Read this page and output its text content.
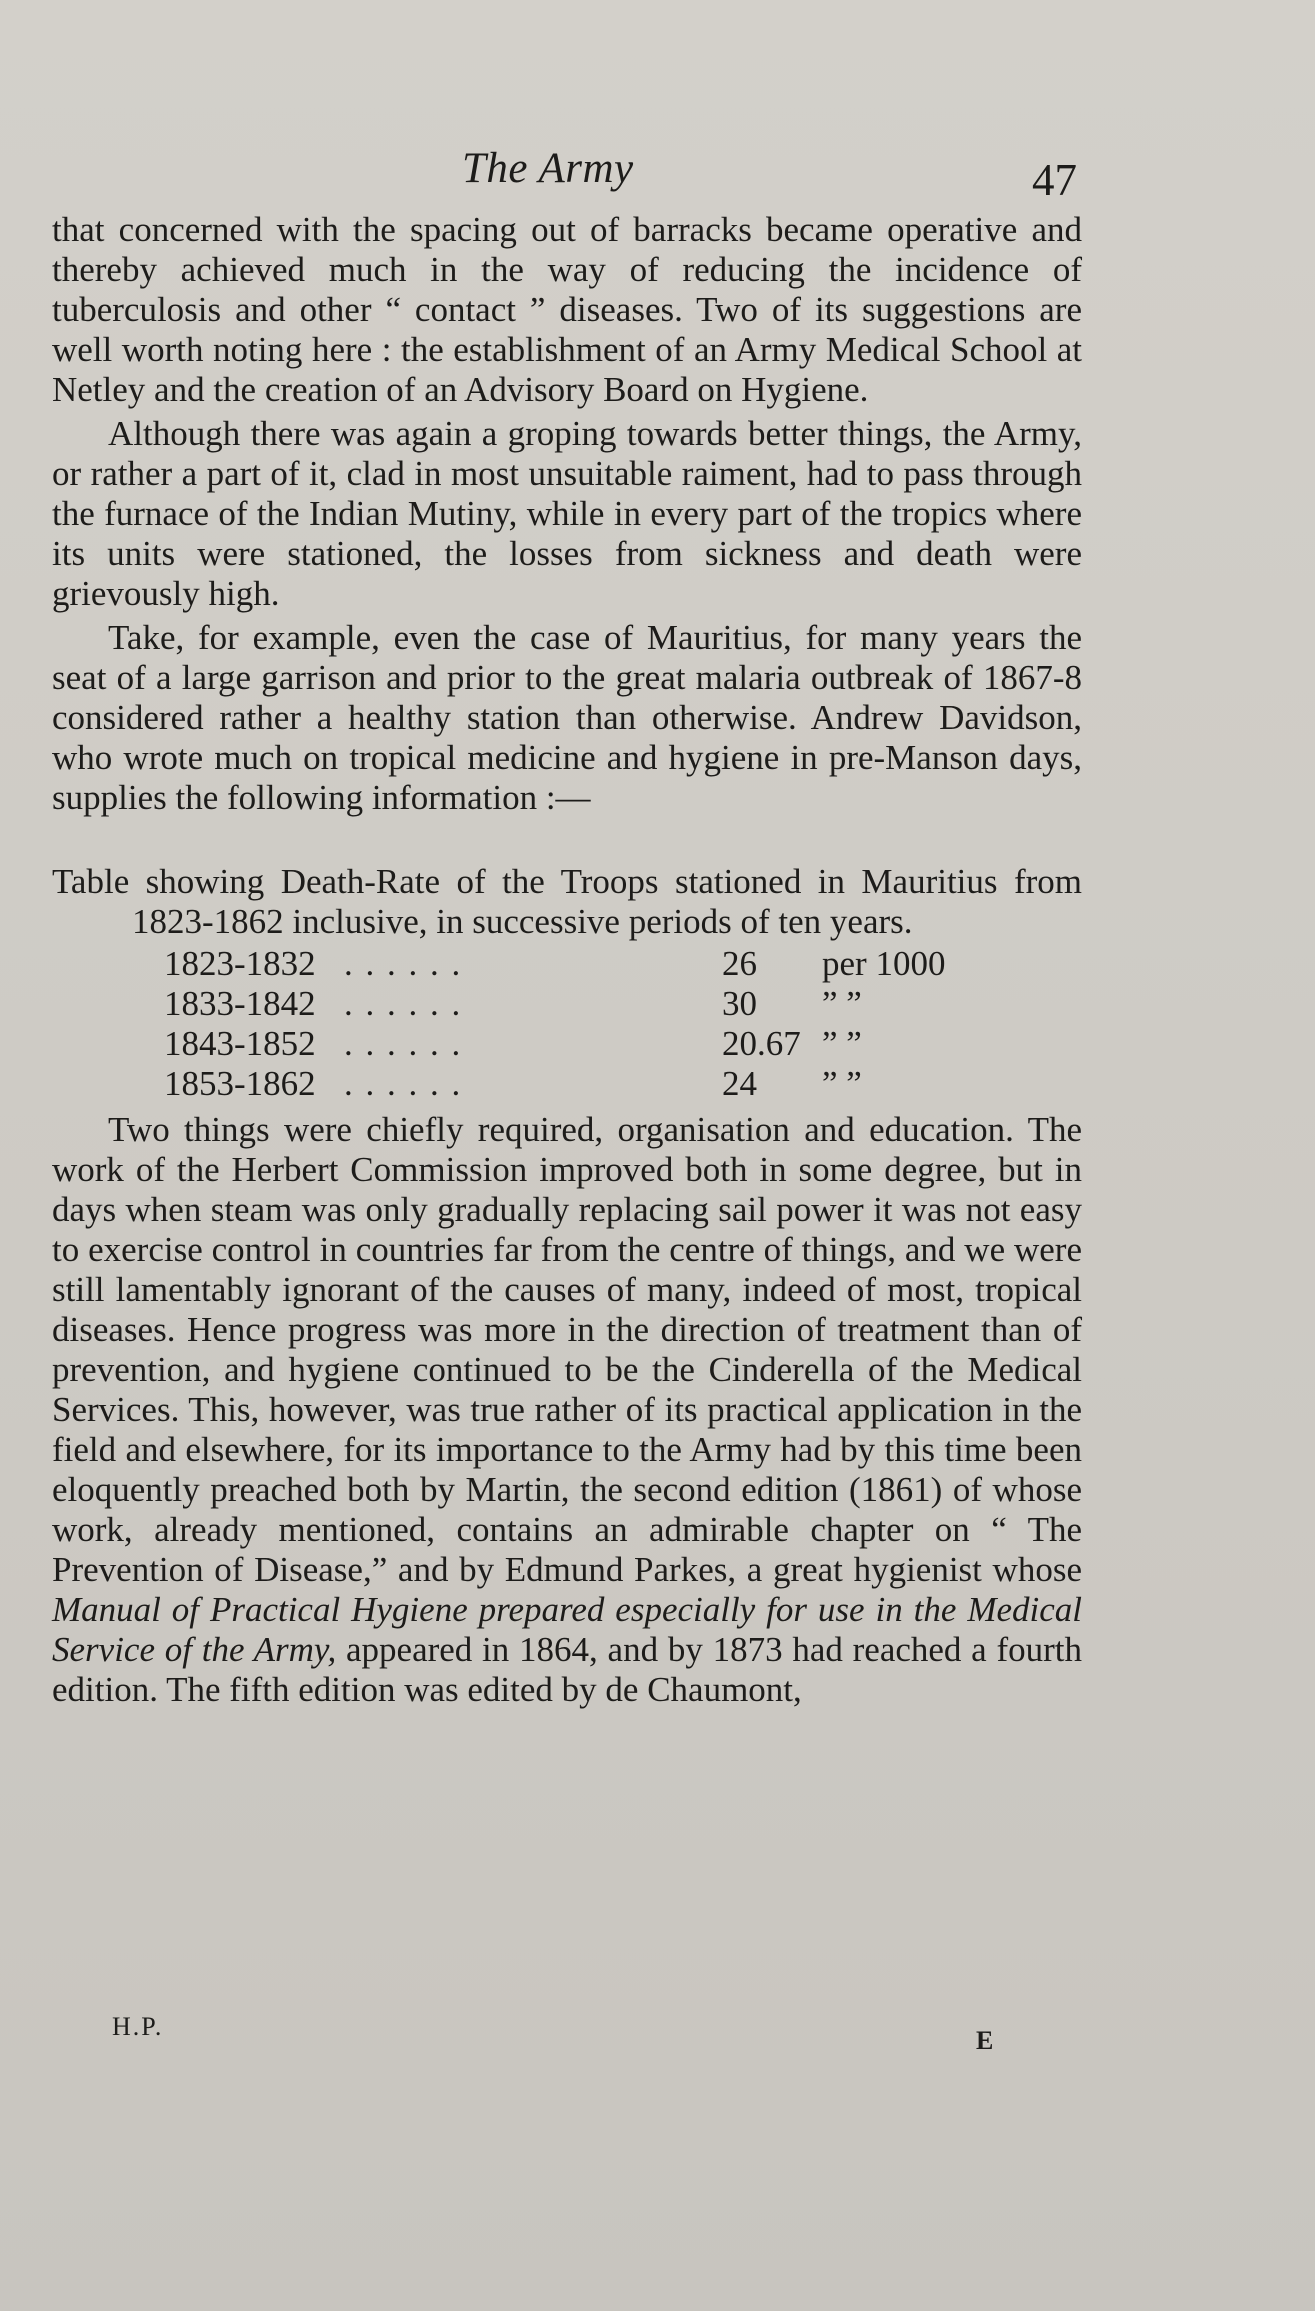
The Army	47

that concerned with the spacing out of barracks became operative and thereby achieved much in the way of reducing the incidence of tuberculosis and other “ contact ” diseases. Two of its suggestions are well worth noting here : the establishment of an Army Medical School at Netley and the creation of an Advisory Board on Hygiene.

Although there was again a groping towards better things, the Army, or rather a part of it, clad in most unsuitable raiment, had to pass through the furnace of the Indian Mutiny, while in every part of the tropics where its units were stationed, the losses from sickness and death were grievously high.

Take, for example, even the case of Mauritius, for many years the seat of a large garrison and prior to the great malaria outbreak of 1867-8 considered rather a healthy station than otherwise. Andrew Davidson, who wrote much on tropical medicine and hygiene in pre-Manson days, supplies the following information :—

Table showing Death-Rate of the Troops stationed in Mauritius from 1823-1862 inclusive, in successive periods of ten years.

1823-1832 . . . . . .	26	per 1000
1833-1842 . . . . . .	30	” ”
1843-1852 . . . . . .	20.67 ” ”
1853-1862 . . . . . .	24	” ”

Two things were chiefly required, organisation and education. The work of the Herbert Commission improved both in some degree, but in days when steam was only gradually replacing sail power it was not easy to exercise control in countries far from the centre of things, and we were still lamentably ignorant of the causes of many, indeed of most, tropical diseases. Hence progress was more in the direction of treatment than of prevention, and hygiene continued to be the Cinderella of the Medical Services. This, however, was true rather of its practical application in the field and elsewhere, for its importance to the Army had by this time been eloquently preached both by Martin, the second edition (1861) of whose work, already mentioned, contains an admirable chapter on “ The Prevention of Disease,” and by Edmund Parkes, a great hygienist whose Manual of Practical Hygiene prepared especially for use in the Medical Service of the Army, appeared in 1864, and by 1873 had reached a fourth edition. The fifth edition was edited by de Chaumont,

H.P.	E
